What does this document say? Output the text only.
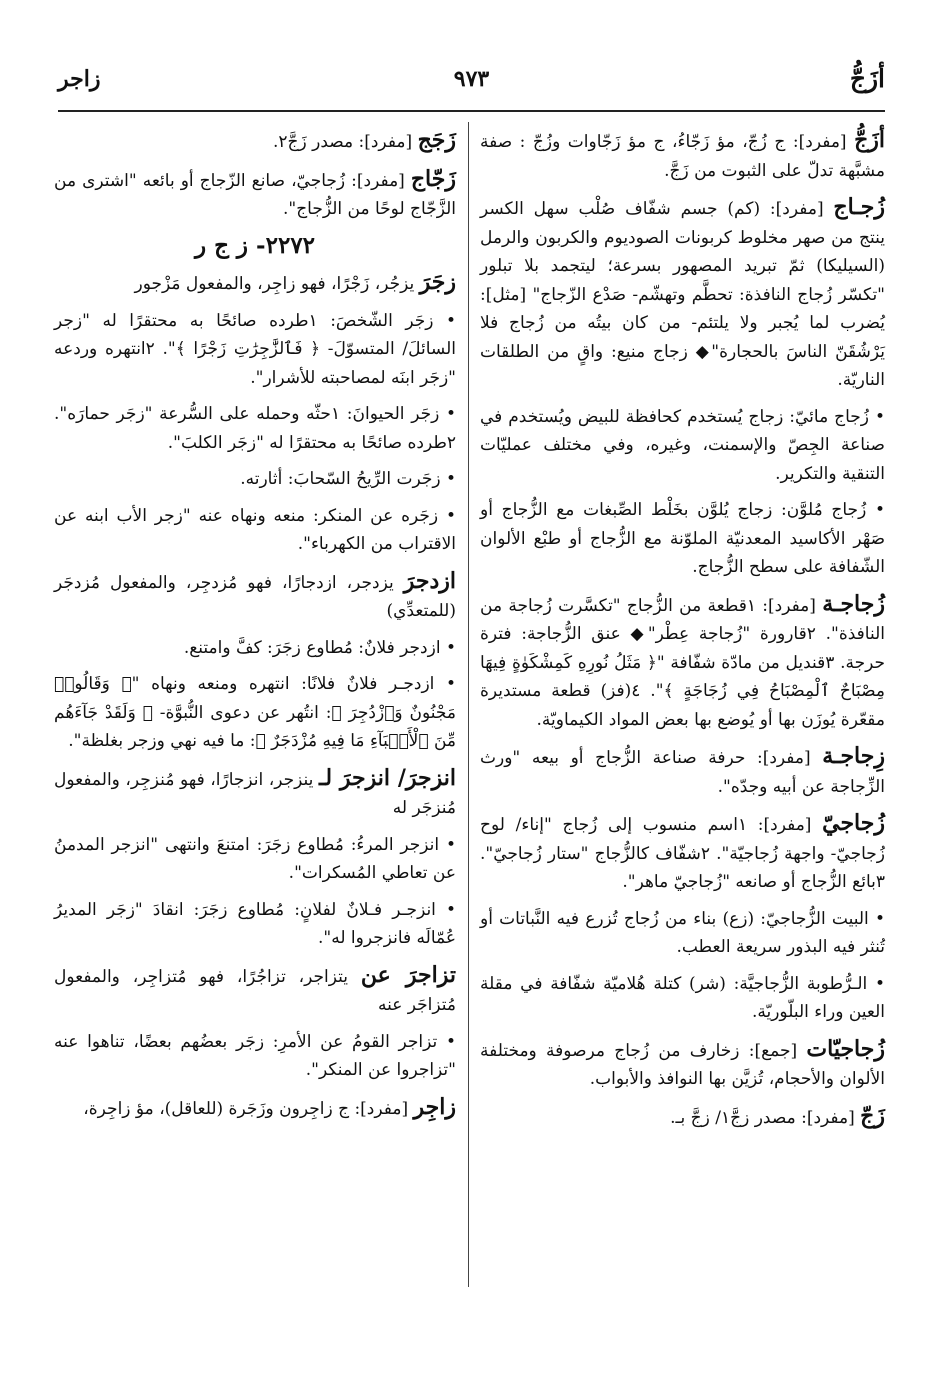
أزَجُّ
٩٧٣
زاجر
أزَجُّ [مفرد]: ج زُجّ، مؤ زَجّاءُ، ج مؤ زَجّاوات وزُجّ : صفة مشبَّهة تدلّ على الثبوت من زَجَّ.
زُجـاج [مفرد]: (كم) جسم شفّاف صُلْب سهل الكسر ينتج من صهر مخلوط كربونات الصوديوم والكربون والرمل (السيليكا) ثمّ تبريد المصهور بسرعة؛ ليتجمد بلا تبلور "تكسّر زُجاج النافذة: تحطَّم وتهشّم- صَدْع الزّجاج" [مثل]: يُضرب لما يُجبر ولا يلتئم- من كان بيتُه من زُجاج فلا يَرْشُقَنّ الناسَ بالحجارة"◆ زجاج منيع: واقٍ من الطلقات الناريّة.
• زُجاج مائيّ: زجاج يُستخدم كحافظة للبيض ويُستخدم في صناعة الجِصّ والإسمنت، وغيره، وفي مختلف عمليّات التنقية والتكرير.
• زُجاج مُلوَّن: زجاج يُلوَّن بخَلْط الصِّبغات مع الزُّجاج أو صَهْر الأكاسيد المعدنيّة الملوّنة مع الزُّجاج أو طبْع الألوان الشّفافة على سطح الزُّجاج.
زُجاجـة [مفرد]: ١قطعة من الزُّجاج "تكسَّرت زُجاجة من النافذة". ٢قارورة "زُجاجة عِطْر"◆ عنق الزُّجاجة: فترة حرجة. ٣قنديل من مادّة شفّافة "﴿ مَثَلُ نُورِهِ كَمِشْكَوٰةٍ فِيهَا مِصْبَاحٌ ٱلْمِصْبَاحُ فِي زُجَاجَةٍ ﴾". ٤(فز) قطعة مستديرة مقعّرة يُوزَن بها أو يُوضع بها بعض المواد الكيماويّة.
زِجاجـة [مفرد]: حرفة صناعة الزُّجاج أو بيعه "ورث الزِّجاجة عن أبيه وجدّه".
زُجاجيّ [مفرد]: ١اسم منسوب إلى زُجاج "إناء/ لوح زُجاجيّ- واجهة زُجاجيّة". ٢شفّاف كالزُّجاج "ستار زُجاجيّ". ٣بائع الزُّجاج أو صانعه "زُجاجيّ ماهر".
• البيت الزُّجاجيّ: (زع) بناء من زُجاج تُزرع فيه النَّباتات أو تُنثر فيه البذور سريعة العطب.
• الـرُّطوبة الزُّجاجيَّة: (شر) كتلة هُلاميّة شفّافة في مقلة العين وراء البلّوريّة.
زُجاجيّات [جمع]: زخارف من زُجاج مرصوفة ومختلفة الألوان والأحجام، تُزيَّن بها النوافذ والأبواب.
زَجّ [مفرد]: مصدر زجَّ١/ زجَّ بـ.
زَجَج [مفرد]: مصدر زَجَّ٢.
زَجّاج [مفرد]: زُجاجيّ، صانع الزّجاج أو بائعه "اشترى من الزَّجّاج لوحًا من الزُّجاج".
٢٢٧٢- ز ج ر
زجَرَ يزجُر، زَجْرًا، فهو زاجِر، والمفعول مَزْجور
• زجَر الشّخصَ: ١طرده صائحًا به محتقرًا له "زجر السائلَ/ المتسوّلَ- ﴿ فَٱلزَّٰجِرَٰتِ زَجْرًا ﴾". ٢انتهره وردعه "زجَر ابنَه لمصاحبته للأشرار".
• زجَر الحيوانَ: ١حثّه وحمله على السُّرعة "زجَر حمارَه". ٢طرده صائحًا به محتقرًا له "زجَر الكلبَ".
• زجَرت الرِّيحُ السّحابَ: أثارته.
• زجَره عن المنكر: منعه ونهاه عنه "زجر الأب ابنه عن الاقتراب من الكهرباء".
ازدجرَ يزدجر، ازدجارًا، فهو مُزدجِر، والمفعول مُزدجَر (للمتعدِّي)
• ازدجر فلانٌ: مُطاوع زجَرَ: كفَّ وامتنع.
• ازدجـر فلانٌ فلانًا: انتهره ومنعه ونهاه "﴿ وَقَالُوا۟ مَجْنُونٌ وَٱزْدُجِرَ ﴾: انتُهر عن دعوى النُّبوَّة- ﴿ وَلَقَدْ جَآءَهُم مِّنَ ٱلْأَنۢبَآءِ مَا فِيهِ مُزْدَجَرٌ ﴾: ما فيه نهي وزجر بغلظة".
انزجرَ/ انزجرَ لـ ينزجر، انزجارًا، فهو مُنزجِر، والمفعول مُنزجَر له
• انزجر المرءُ: مُطاوع زجَرَ: امتنعَ وانتهى "انزجر المدمنُ عن تعاطي المُسكرات".
• انزجـر فـلانٌ لفلانٍ: مُطاوع زجَرَ: انقادَ "زجَر المديرُ عُمّالَه فانزجروا له".
تزاجرَ عن يتزاجر، تزاجُرًا، فهو مُتزاجِر، والمفعول مُتزاجَر عنه
• تزاجر القومُ عن الأمرِ: زجَر بعضُهم بعضًا، تناهوا عنه "تزاجروا عن المنكر".
زاجِر [مفرد]: ج زاجِرون وزَجَرة (للعاقل)، مؤ زاجِرة،
